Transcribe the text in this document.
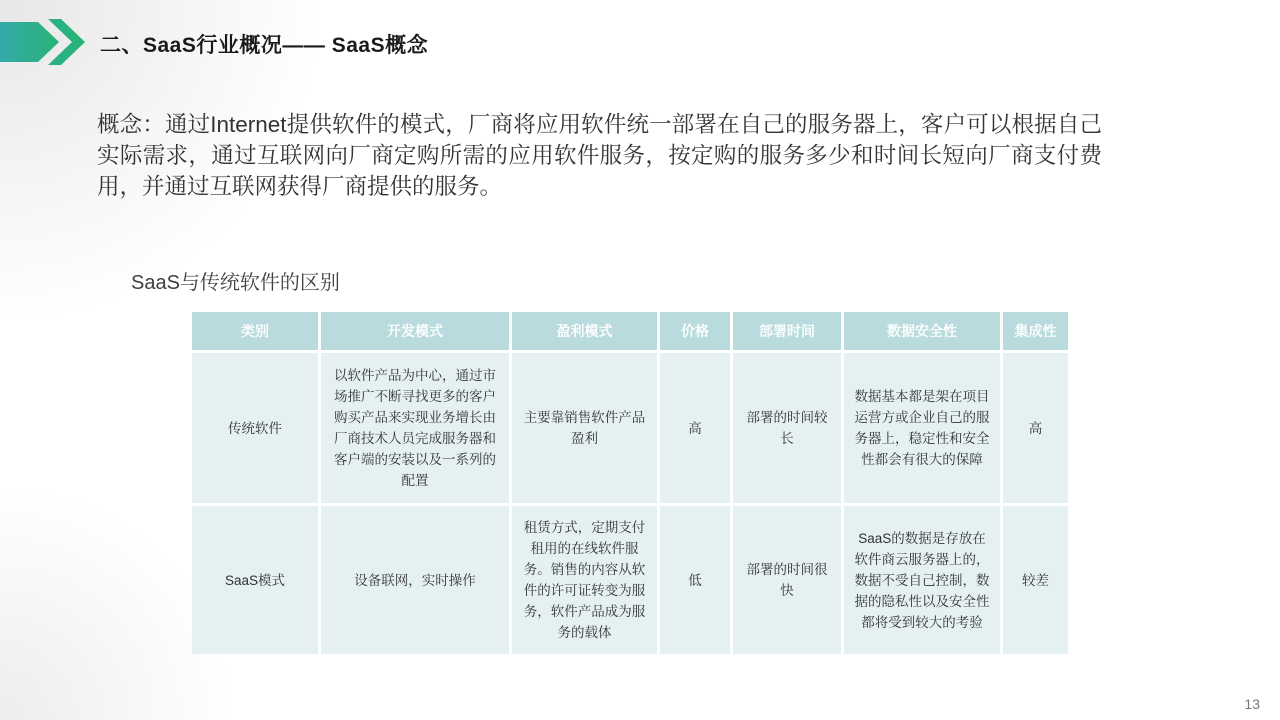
二、SaaS行业概况—— SaaS概念
概念：通过Internet提供软件的模式，厂商将应用软件统一部署在自己的服务器上，客户可以根据自己实际需求，通过互联网向厂商定购所需的应用软件服务，按定购的服务多少和时间长短向厂商支付费用，并通过互联网获得厂商提供的服务。
SaaS与传统软件的区别
类别	开发模式	盈利模式	价格	部署时间	数据安全性	集成性
传统软件	以软件产品为中心，通过市场推广不断寻找更多的客户购买产品来实现业务增长由厂商技术人员完成服务器和客户端的安装以及一系列的配置	主要靠销售软件产品盈利	高	部署的时间较长	数据基本都是架在项目运营方或企业自己的服务器上，稳定性和安全性都会有很大的保障	高
SaaS模式	设备联网，实时操作	租赁方式，定期支付租用的在线软件服务。销售的内容从软件的许可证转变为服务，软件产品成为服务的载体	低	部署的时间很快	SaaS的数据是存放在软件商云服务器上的，数据不受自己控制，数据的隐私性以及安全性都将受到较大的考验	较差
13
